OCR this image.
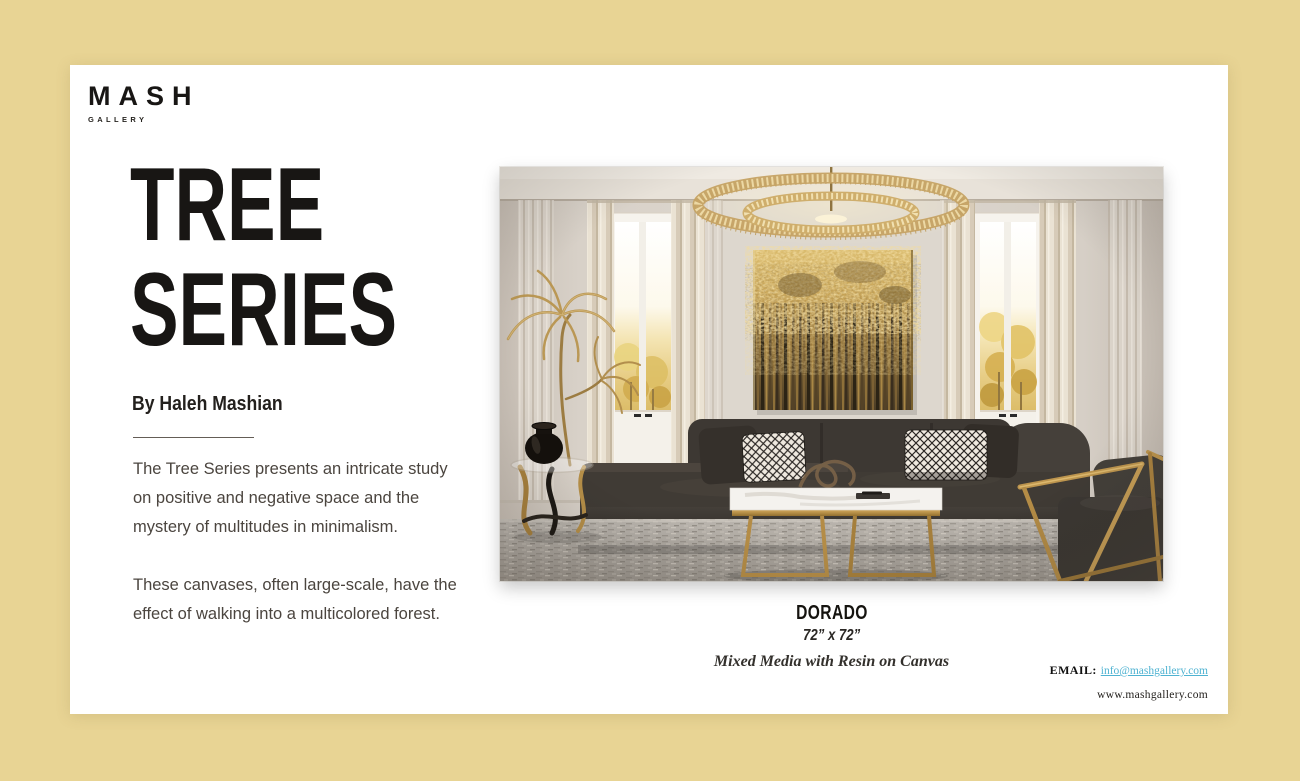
MASH
GALLERY
TREE
SERIES
By Haleh Mashian

The Tree Series presents an intricate study on positive and negative space and the mystery of multitudes in minimalism.

These canvases, often large-scale, have the effect of walking into a multicolored forest.	DORADO
72” x 72”
Mixed Media with Resin on Canvas	EMAIL: info@mashgallery.com
www.mashgallery.com
